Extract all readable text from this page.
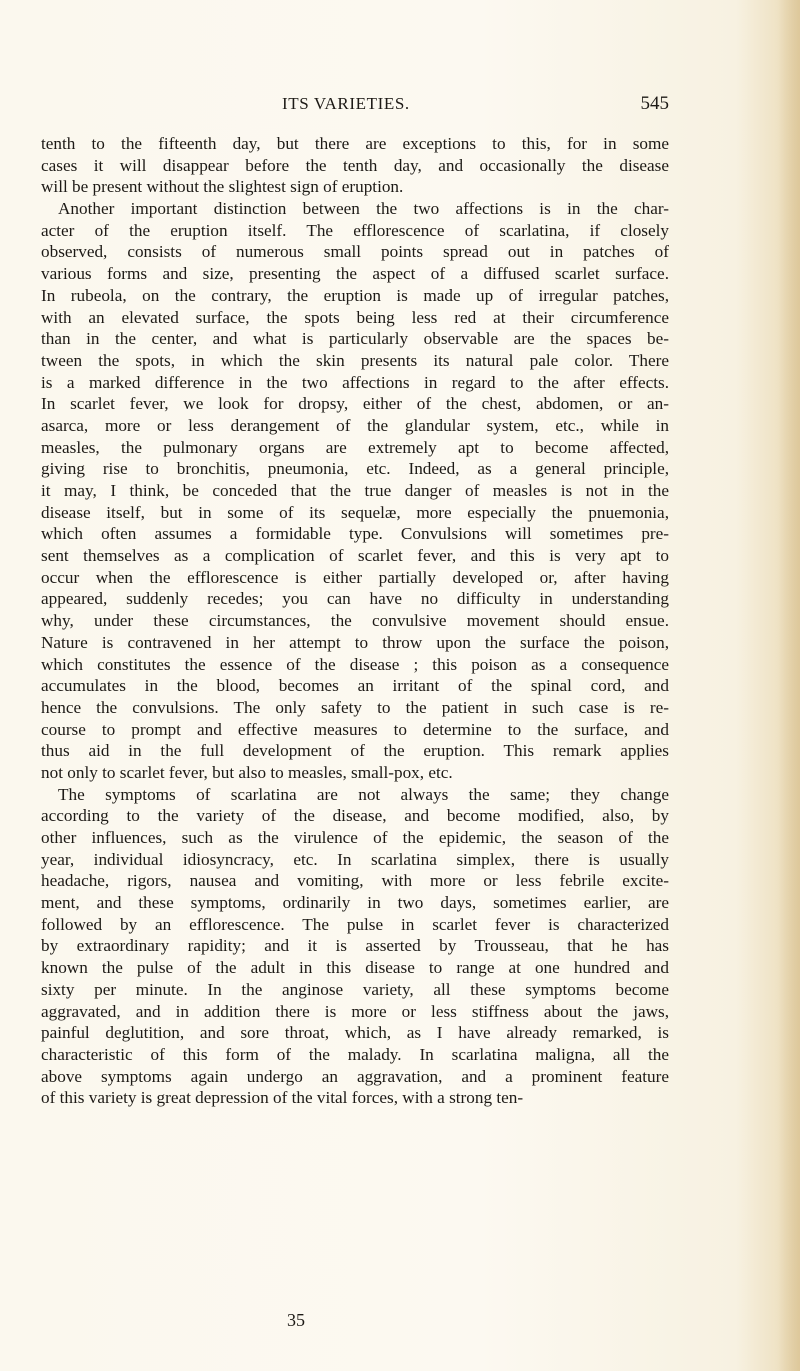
ITS VARIETIES.	545
tenth to the fifteenth day, but there are exceptions to this, for in some
cases it will disappear before the tenth day, and occasionally the disease
will be present without the slightest sign of eruption.
Another important distinction between the two affections is in the char-
acter of the eruption itself. The efflorescence of scarlatina, if closely
observed, consists of numerous small points spread out in patches of
various forms and size, presenting the aspect of a diffused scarlet surface.
In rubeola, on the contrary, the eruption is made up of irregular patches,
with an elevated surface, the spots being less red at their circumference
than in the center, and what is particularly observable are the spaces be-
tween the spots, in which the skin presents its natural pale color. There
is a marked difference in the two affections in regard to the after effects.
In scarlet fever, we look for dropsy, either of the chest, abdomen, or an-
asarca, more or less derangement of the glandular system, etc., while in
measles, the pulmonary organs are extremely apt to become affected,
giving rise to bronchitis, pneumonia, etc. Indeed, as a general principle,
it may, I think, be conceded that the true danger of measles is not in the
disease itself, but in some of its sequelæ, more especially the pnuemonia,
which often assumes a formidable type. Convulsions will sometimes pre-
sent themselves as a complication of scarlet fever, and this is very apt to
occur when the efflorescence is either partially developed or, after having
appeared, suddenly recedes; you can have no difficulty in understanding
why, under these circumstances, the convulsive movement should ensue.
Nature is contravened in her attempt to throw upon the surface the poison,
which constitutes the essence of the disease ; this poison as a consequence
accumulates in the blood, becomes an irritant of the spinal cord, and
hence the convulsions. The only safety to the patient in such case is re-
course to prompt and effective measures to determine to the surface, and
thus aid in the full development of the eruption. This remark applies
not only to scarlet fever, but also to measles, small-pox, etc.
The symptoms of scarlatina are not always the same; they change
according to the variety of the disease, and become modified, also, by
other influences, such as the virulence of the epidemic, the season of the
year, individual idiosyncracy, etc. In scarlatina simplex, there is usually
headache, rigors, nausea and vomiting, with more or less febrile excite-
ment, and these symptoms, ordinarily in two days, sometimes earlier, are
followed by an efflorescence. The pulse in scarlet fever is characterized
by extraordinary rapidity; and it is asserted by Trousseau, that he has
known the pulse of the adult in this disease to range at one hundred and
sixty per minute. In the anginose variety, all these symptoms become
aggravated, and in addition there is more or less stiffness about the jaws,
painful deglutition, and sore throat, which, as I have already remarked, is
characteristic of this form of the malady. In scarlatina maligna, all the
above symptoms again undergo an aggravation, and a prominent feature
of this variety is great depression of the vital forces, with a strong ten-
35
